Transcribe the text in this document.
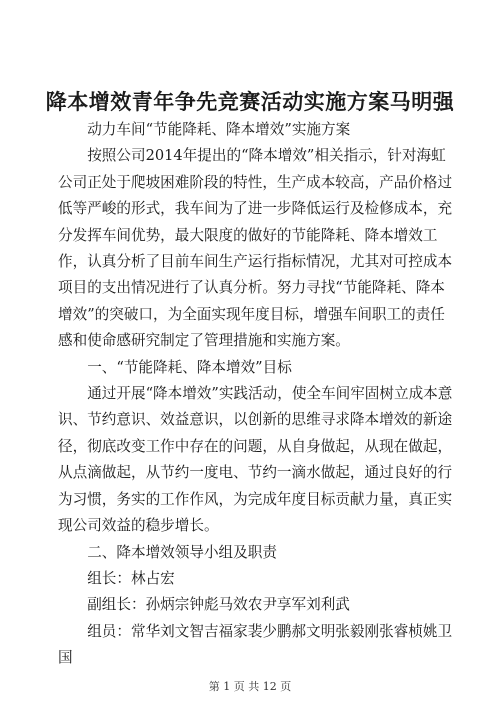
降本增效青年争先竞赛活动实施方案马明强

动力车间“节能降耗、降本增效”实施方案

按照公司2014年提出的“降本增效”相关指示，针对海虹公司正处于爬坡困难阶段的特性，生产成本较高，产品价格过低等严峻的形式，我车间为了进一步降低运行及检修成本，充分发挥车间优势，最大限度的做好的节能降耗、降本增效工作，认真分析了目前车间生产运行指标情况，尤其对可控成本项目的支出情况进行了认真分析。努力寻找“节能降耗、降本增效”的突破口，为全面实现年度目标，增强车间职工的责任感和使命感研究制定了管理措施和实施方案。

一、“节能降耗、降本增效”目标

通过开展“降本增效”实践活动，使全车间牢固树立成本意识、节约意识、效益意识，以创新的思维寻求降本增效的新途径，彻底改变工作中存在的问题，从自身做起，从现在做起，从点滴做起，从节约一度电、节约一滴水做起，通过良好的行为习惯，务实的工作作风，为完成年度目标贡献力量，真正实现公司效益的稳步增长。

二、降本增效领导小组及职责

组长：林占宏

副组长：孙炳宗钟彪马效农尹享军刘利武

组员：常华刘文智吉福家裴少鹏郝文明张毅刚张睿桢姚卫国

第 1 页 共 12 页
